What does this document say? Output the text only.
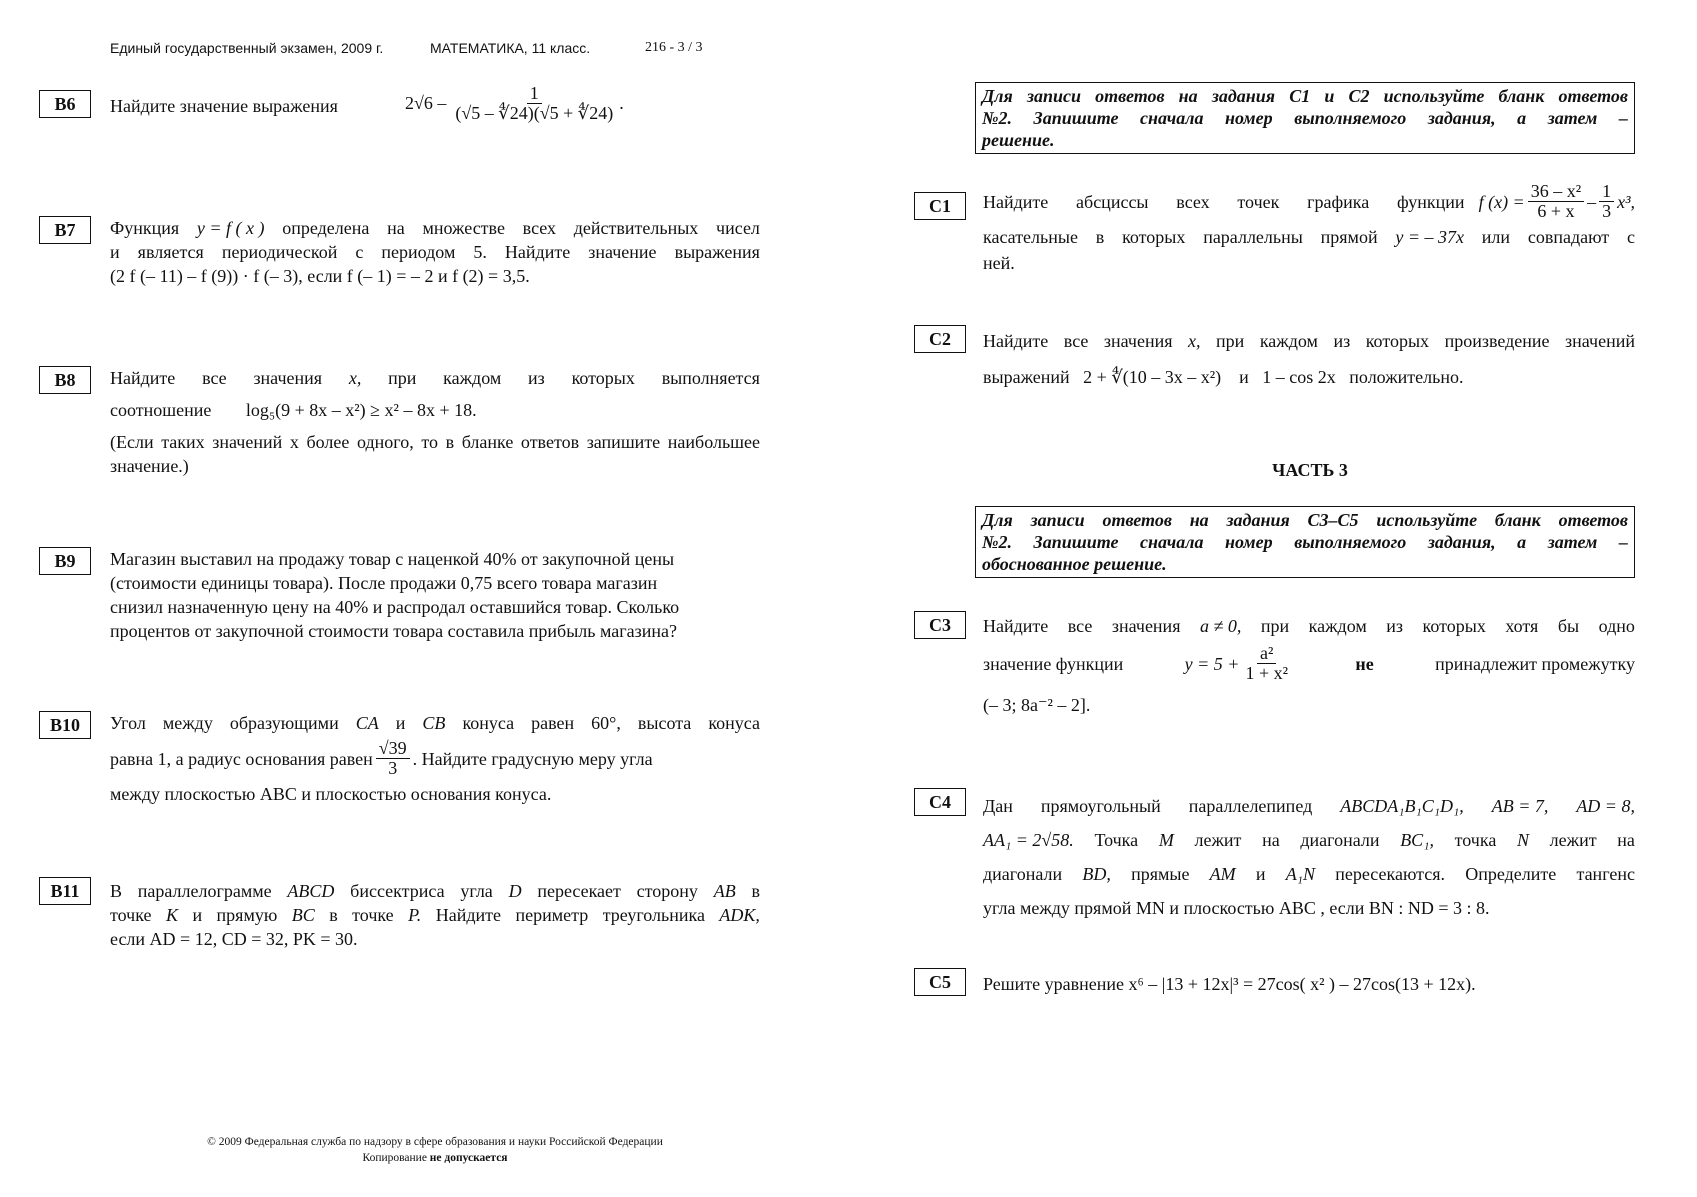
Единый государственный экзамен, 2009 г.	МАТЕМАТИКА, 11 класс.	216 - 3 / 3
B6	Найдите значение выражения	$2√6 - \frac{1}{(√5 - ∜24)(√5 + ∜24)}$ .
B7	Функция y = f ( x ) определена на множестве всех действительных чисел
и является периодической с периодом 5. Найдите значение выражения
(2 f (– 11) – f (9)) · f (– 3), если f (– 1) = – 2 и f (2) = 3,5.
B8	Найдите все значения x, при каждом из которых выполняется
соотношение log₅(9 + 8x – x²) ≥ x² – 8x + 18.
(Если таких значений x более одного, то в бланке ответов запишите наибольшее значение.)
B9	Магазин выставил на продажу товар с наценкой 40% от закупочной цены
(стоимости единицы товара). После продажи 0,75 всего товара магазин
снизил назначенную цену на 40% и распродал оставшийся товар. Сколько
процентов от закупочной стоимости товара составила прибыль магазина?
B10	Угол между образующими CA и CB конуса равен 60°, высота конуса
равна 1, а радиус основания равен $\frac{√39}{3}$ . Найдите градусную меру угла
между плоскостью ABC и плоскостью основания конуса.
B11	В параллелограмме ABCD биссектриса угла D пересекает сторону AB в
точке K и прямую BC в точке P. Найдите периметр треугольника ADK,
если AD = 12, CD = 32, PK = 30.
Для записи ответов на задания C1 и C2 используйте бланк ответов
№2. Запишите сначала номер выполняемого задания, а затем –
решение.
C1	Найдите абсциссы всех точек графика функции f $(x) = \frac{\text{36 – x²}}{6 + x} - \frac{1}{3} x^3$,
касательные в которых параллельны прямой y = – 37x или совпадают с
ней.
C2	Найдите все значения x, при каждом из которых произведение значений
выражений   2 + ∜(10 – 3x – x²)    и   1 – cos 2x   положительно.
ЧАСТЬ 3
Для записи ответов на задания C3–C5 используйте бланк ответов
№2. Запишите сначала номер выполняемого задания, а затем –
обоснованное решение.
C3	Найдите все значения a ≠ 0, при каждом из которых хотя бы одно
значение функции	$y = 5 + \frac{\text{a²}}{\text{1 + x²}}$	не	принадлежит промежутку
(– 3; 8a⁻² – 2].
C4	Дан прямоугольный параллелепипед ABCDA₁B₁C₁D₁, AB = 7, AD = 8,
AA₁ = 2√58. Точка M лежит на диагонали BC₁, точка N лежит на
диагонали BD, прямые AM и A₁N пересекаются. Определите тангенс
угла между прямой MN и плоскостью ABC , если BN : ND = 3 : 8.
C5	Решите уравнение x⁶ – |13 + 12x|³ = 27cos( x² ) – 27cos(13 + 12x).
© 2009 Федеральная служба по надзору в сфере образования и науки Российской Федерации
Копирование не допускается
